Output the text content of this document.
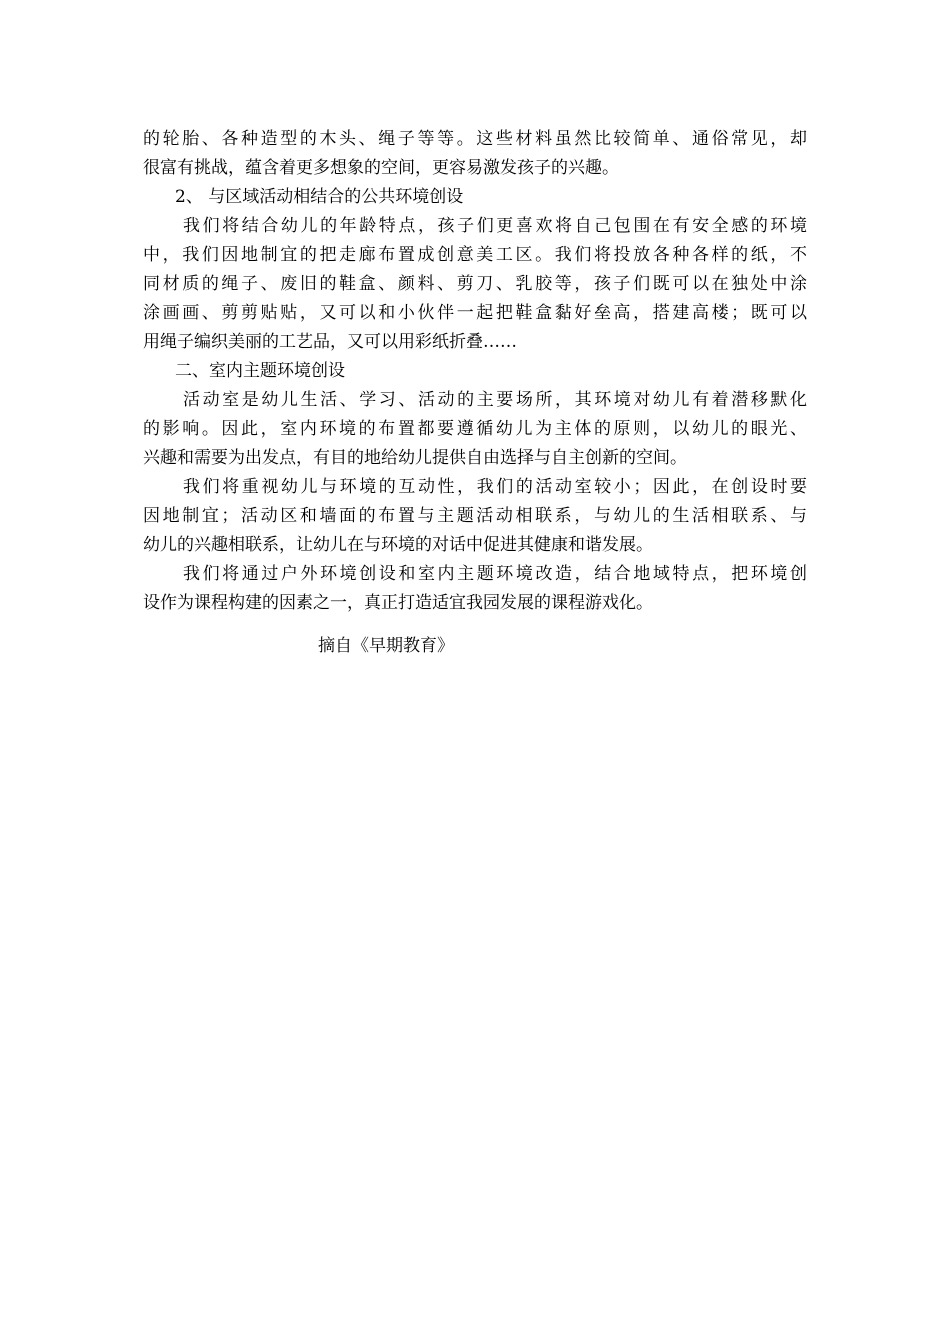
的轮胎、各种造型的木头、绳子等等。这些材料虽然比较简单、通俗常见，却
很富有挑战，蕴含着更多想象的空间，更容易激发孩子的兴趣。
2、 与区域活动相结合的公共环境创设
我们将结合幼儿的年龄特点，孩子们更喜欢将自己包围在有安全感的环境
中，我们因地制宜的把走廊布置成创意美工区。我们将投放各种各样的纸，不
同材质的绳子、废旧的鞋盒、颜料、剪刀、乳胶等，孩子们既可以在独处中涂
涂画画、剪剪贴贴，又可以和小伙伴一起把鞋盒黏好垒高，搭建高楼；既可以
用绳子编织美丽的工艺品，又可以用彩纸折叠……
二、室内主题环境创设
活动室是幼儿生活、学习、活动的主要场所，其环境对幼儿有着潜移默化
的影响。因此，室内环境的布置都要遵循幼儿为主体的原则，以幼儿的眼光、
兴趣和需要为出发点，有目的地给幼儿提供自由选择与自主创新的空间。
我们将重视幼儿与环境的互动性，我们的活动室较小；因此，在创设时要
因地制宜；活动区和墙面的布置与主题活动相联系，与幼儿的生活相联系、与
幼儿的兴趣相联系，让幼儿在与环境的对话中促进其健康和谐发展。
我们将通过户外环境创设和室内主题环境改造，结合地域特点，把环境创
设作为课程构建的因素之一，真正打造适宜我园发展的课程游戏化。
摘自《早期教育》
